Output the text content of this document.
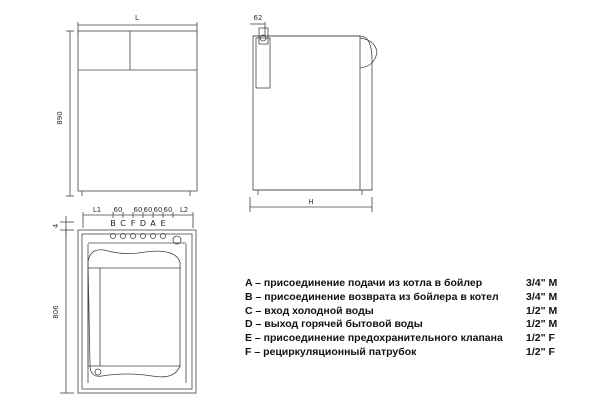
L
890
62
H
4
806
L1	L2
60 60 60 60 60
B C F D A E
A – присоединение подачи из котла в бойлер	3/4" M
B – присоединение возврата из бойлера в котел	3/4" M
C – вход холодной воды	1/2" M
D – выход горячей бытовой воды	1/2" M
E – присоединение предохранительного клапана 1/2" F
F – рециркуляционный патрубок	1/2" F
